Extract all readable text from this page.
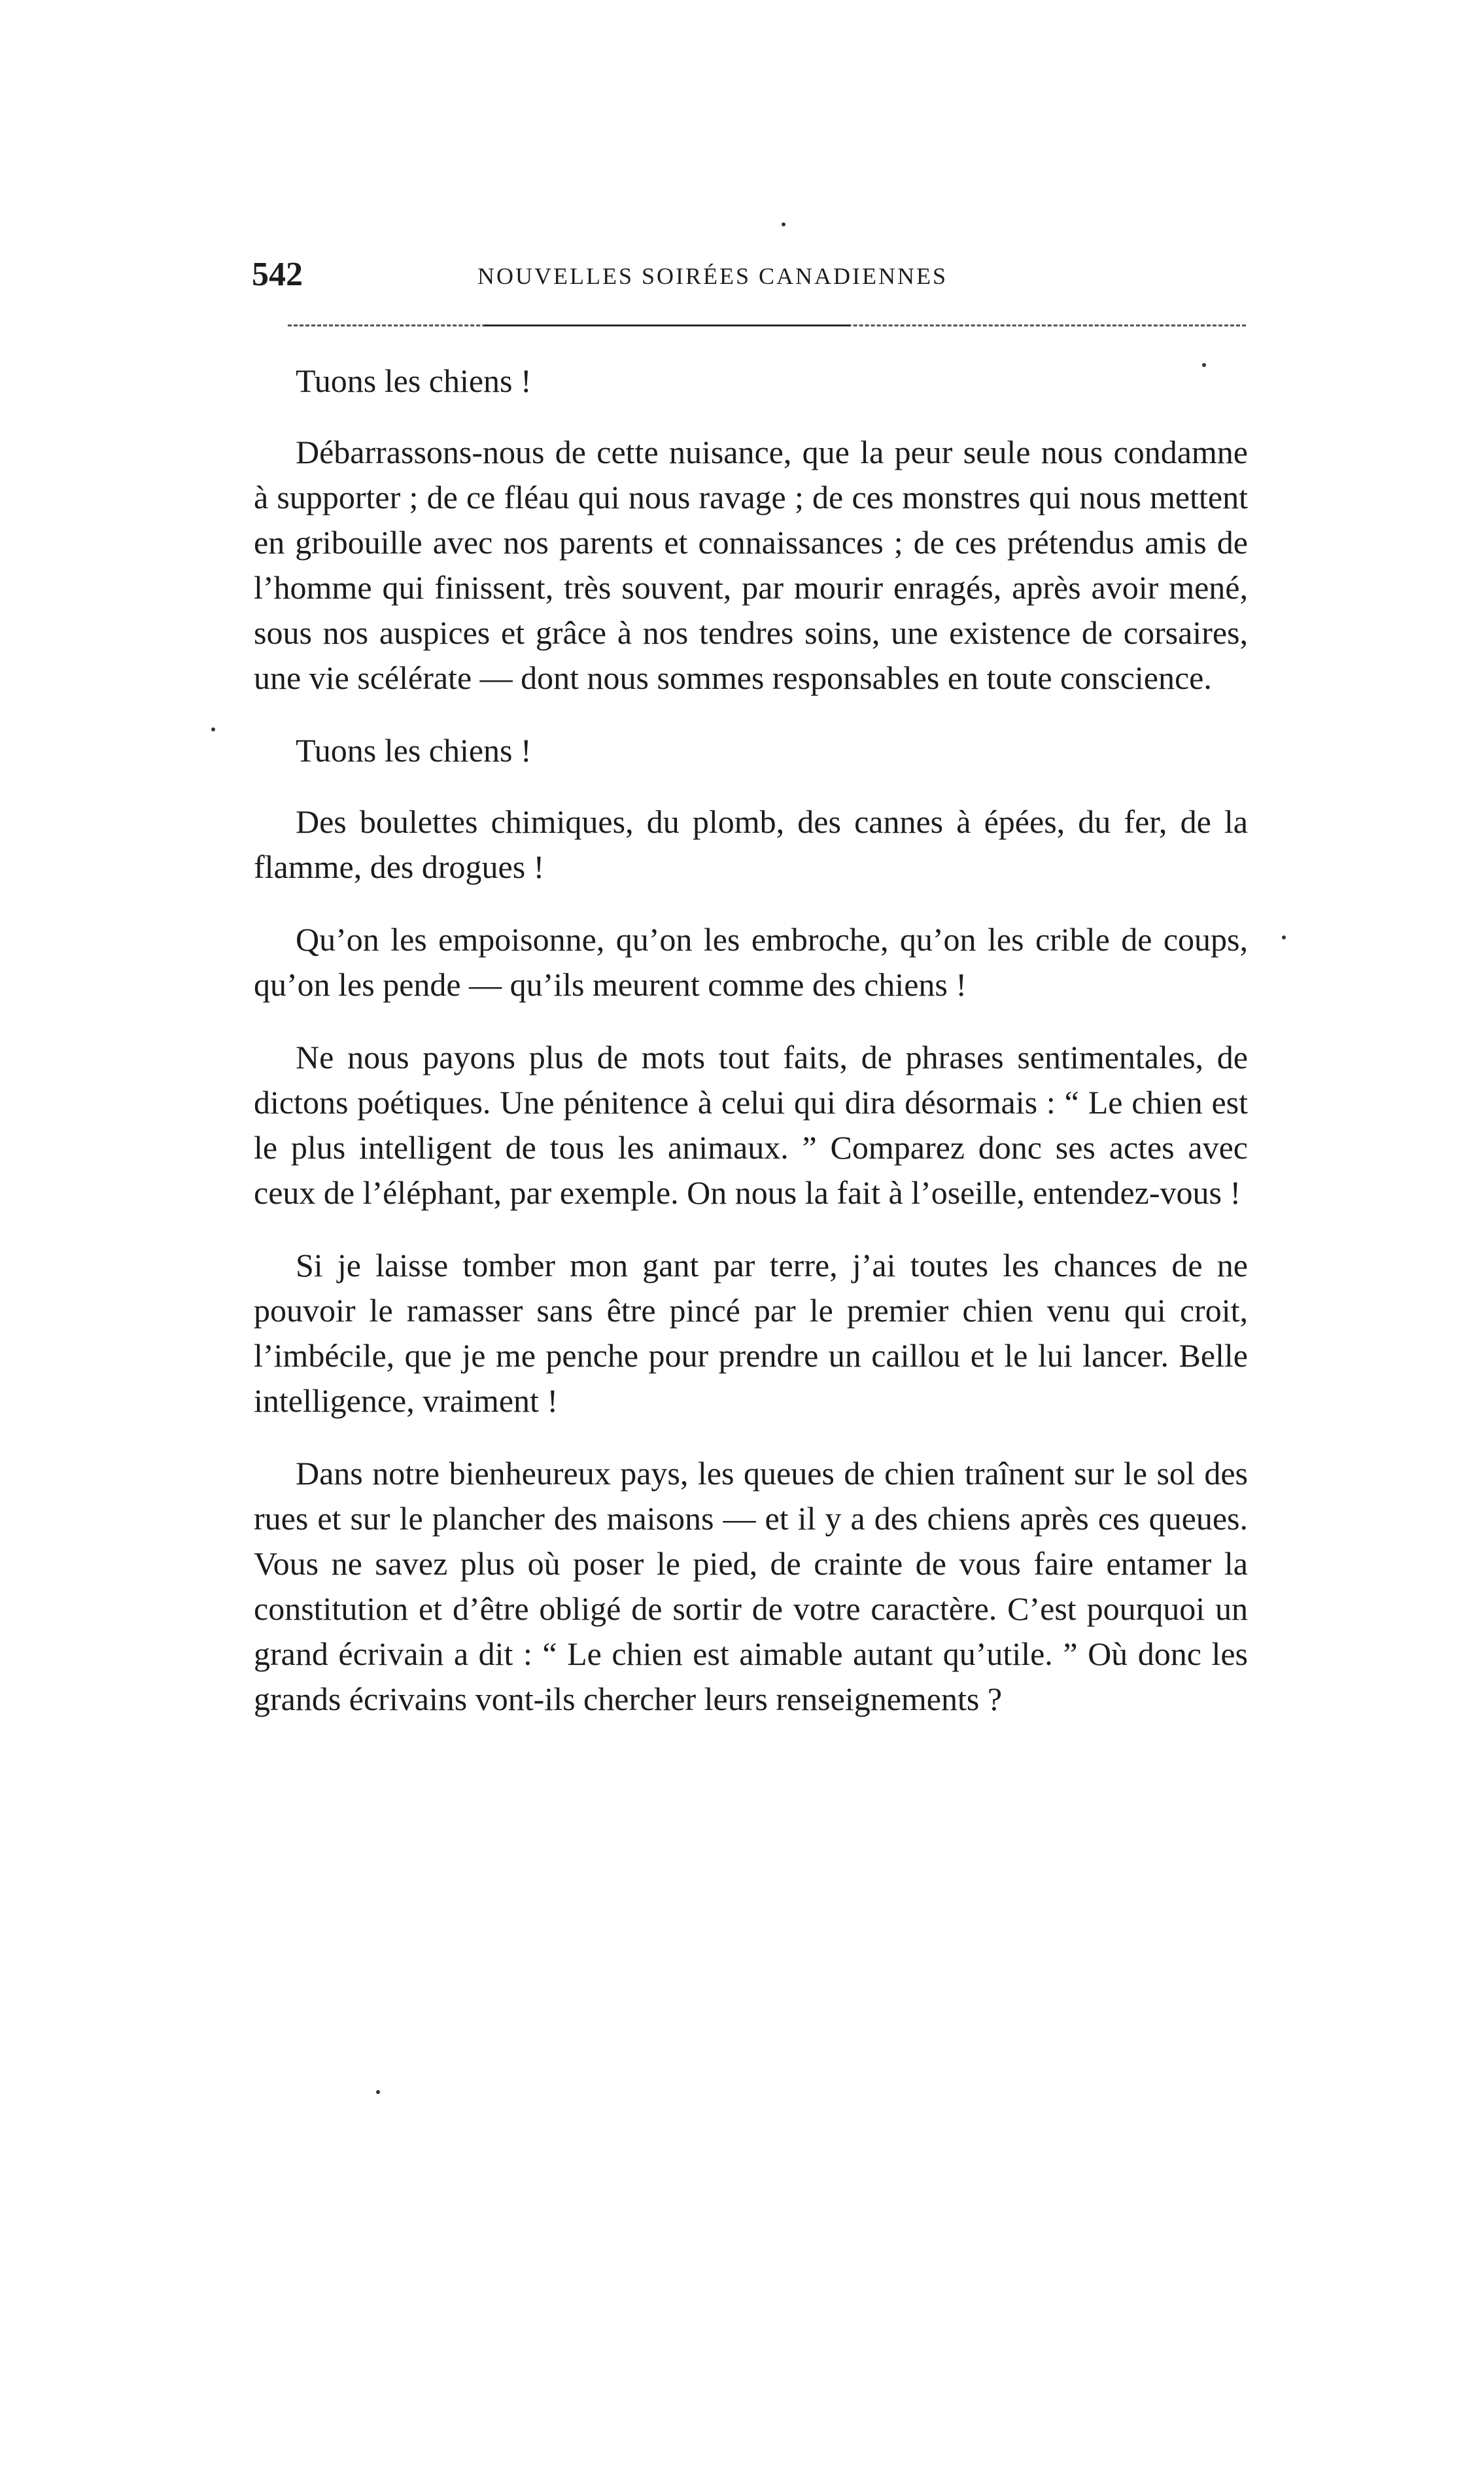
542	NOUVELLES SOIRÉES CANADIENNES

Tuons les chiens !

Débarrassons-nous de cette nuisance, que la peur seule nous condamne à supporter ; de ce fléau qui nous ravage ; de ces monstres qui nous mettent en gribouille avec nos parents et connaissances ; de ces prétendus amis de l’homme qui finissent, très souvent, par mourir enragés, après avoir mené, sous nos auspices et grâce à nos tendres soins, une existence de corsaires, une vie scélérate — dont nous sommes responsables en toute conscience.

Tuons les chiens !

Des boulettes chimiques, du plomb, des cannes à épées, du fer, de la flamme, des drogues !

Qu’on les empoisonne, qu’on les embroche, qu’on les crible de coups, qu’on les pende — qu’ils meurent comme des chiens !

Ne nous payons plus de mots tout faits, de phrases sentimentales, de dictons poétiques. Une pénitence à celui qui dira désormais : “ Le chien est le plus intelligent de tous les animaux. ” Comparez donc ses actes avec ceux de l’éléphant, par exemple. On nous la fait à l’oseille, entendez-vous !

Si je laisse tomber mon gant par terre, j’ai toutes les chances de ne pouvoir le ramasser sans être pincé par le premier chien venu qui croit, l’imbécile, que je me penche pour prendre un caillou et le lui lancer. Belle intelligence, vraiment !

Dans notre bienheureux pays, les queues de chien traînent sur le sol des rues et sur le plancher des maisons — et il y a des chiens après ces queues. Vous ne savez plus où poser le pied, de crainte de vous faire entamer la constitution et d’être obligé de sortir de votre caractère. C’est pourquoi un grand écrivain a dit : “ Le chien est aimable autant qu’utile. ” Où donc les grands écrivains vont-ils chercher leurs renseignements ?
